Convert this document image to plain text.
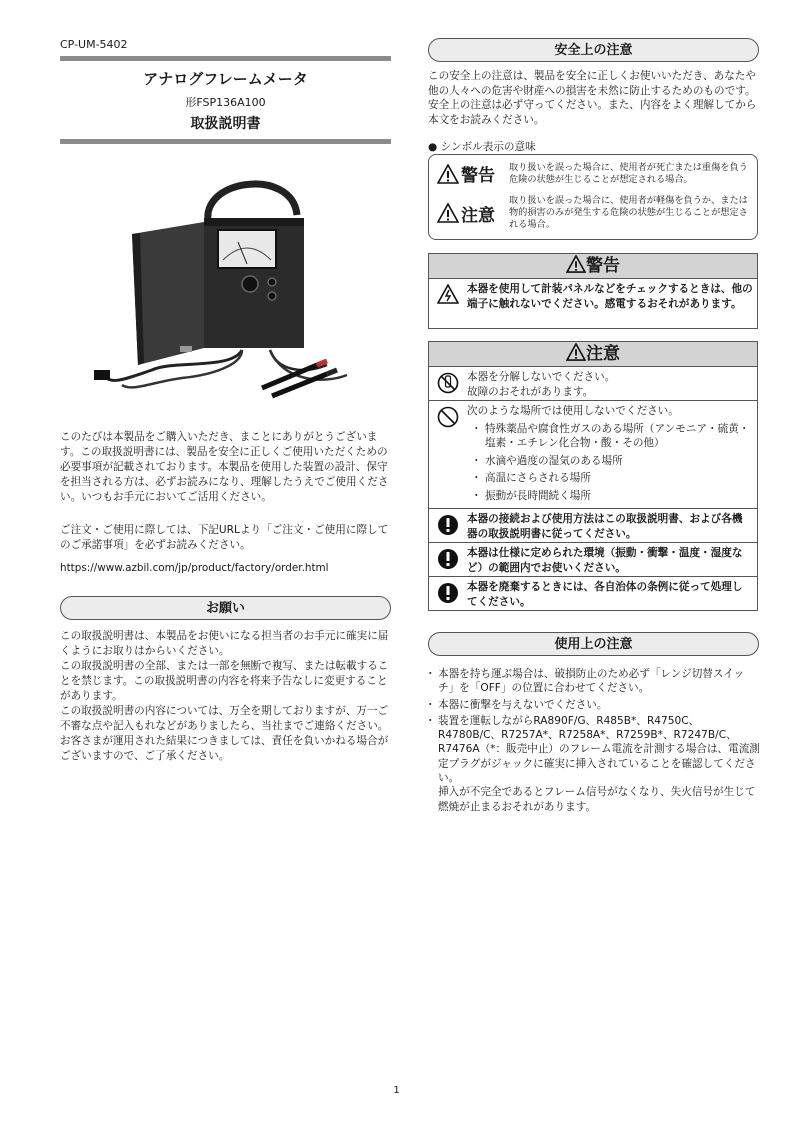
CP-UM-5402
アナログフレームメータ
形FSP136A100
取扱説明書
このたびは本製品をご購入いただき、まことにありがとうございます。この取扱説明書には、製品を安全に正しくご使用いただくための必要事項が記載されております。本製品を使用した装置の設計、保守を担当される方は、必ずお読みになり、理解したうえでご使用ください。いつもお手元においてご活用ください。
ご注文・ご使用に際しては、下記URLより「ご注文・ご使用に際してのご承諾事項」を必ずお読みください。
https://www.azbil.com/jp/product/factory/order.html
お願い

この取扱説明書は、本製品をお使いになる担当者のお手元に確実に届くようにお取りはからいください。

この取扱説明書の全部、または一部を無断で複写、または転載することを禁じます。この取扱説明書の内容を将来予告なしに変更することがあります。

この取扱説明書の内容については、万全を期しておりますが、万一ご不審な点や記入もれなどがありましたら、当社までご連絡ください。

お客さまが運用された結果につきましては、責任を負いかねる場合がございますので、ご了承ください。

安全上の注意
この安全上の注意は、製品を安全に正しくお使いいただき、あなたや他の人々への危害や財産への損害を未然に防止するためのものです。安全上の注意は必ず守ってください。また、内容をよく理解してから本文をお読みください。
● シンボル表示の意味
警告	取り扱いを誤った場合に、使用者が死亡または重傷を負う危険の状態が生じることが想定される場合。
注意
取り扱いを誤った場合に、使用者が軽傷を負うか、または物的損害のみが発生する危険の状態が生じることが想定される場合。
警告
本器を使用して計装パネルなどをチェックするときは、他の端子に触れないでください。感電するおそれがあります。
注意
本器を分解しないでください。
故障のおそれがあります。
次のような場所では使用しないでください。
・ 特殊薬品や腐食性ガスのある場所（アンモニア・硫黄・塩素・エチレン化合物・酸・その他）
・ 水滴や過度の湿気のある場所
・ 高温にさらされる場所
・ 振動が長時間続く場所
本器の接続および使用方法はこの取扱説明書、および各機器の取扱説明書に従ってください。
本器は仕様に定められた環境（振動・衝撃・温度・湿度など）の範囲内でお使いください。
本器を廃棄するときには、各自治体の条例に従って処理してください。
使用上の注意
・ 本器を持ち運ぶ場合は、破損防止のため必ず「レンジ切替スイッチ」を「OFF」の位置に合わせてください。
・ 本器に衝撃を与えないでください。
・ 装置を運転しながらRA890F/G、R485B*、R4750C、R4780B/C、R7257A*、R7258A*、R7259B*、R7247B/C、R7476A（*：販売中止）のフレーム電流を計測する場合は、電流測定プラグがジャックに確実に挿入されていることを確認してください。
挿入が不完全であるとフレーム信号がなくなり、失火信号が生じて燃焼が止まるおそれがあります。
1
